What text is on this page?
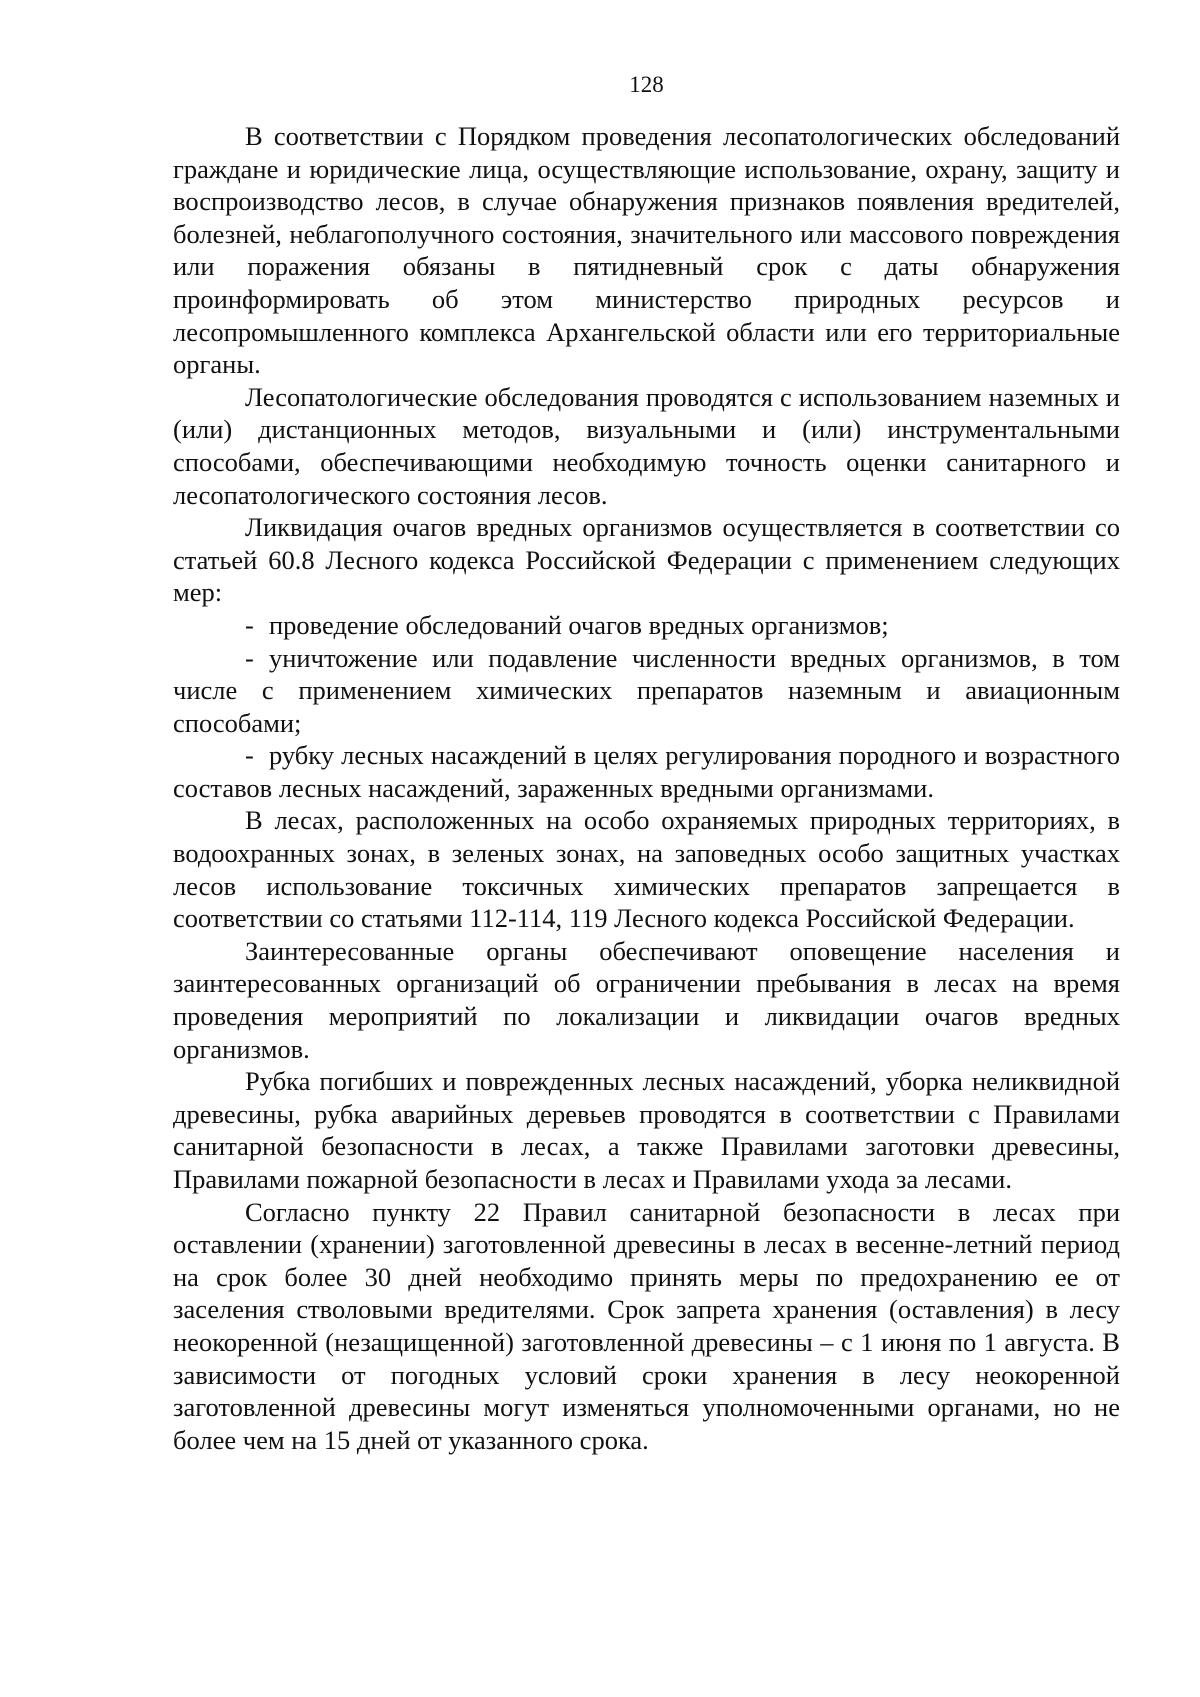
128

В соответствии с Порядком проведения лесопатологических обследований граждане и юридические лица, осуществляющие использование, охрану, защиту и воспроизводство лесов, в случае обнаружения признаков появления вредителей, болезней, неблагополучного состояния, значительного или массового повреждения или поражения обязаны в пятидневный срок с даты обнаружения проинформировать об этом министерство природных ресурсов и лесопромышленного комплекса Архангельской области или его территориальные органы.

Лесопатологические обследования проводятся с использованием наземных и (или) дистанционных методов, визуальными и (или) инструментальными способами, обеспечивающими необходимую точность оценки санитарного и лесопатологического состояния лесов.

Ликвидация очагов вредных организмов осуществляется в соответствии со статьей 60.8 Лесного кодекса Российской Федерации с применением следующих мер:

- проведение обследований очагов вредных организмов;

- уничтожение или подавление численности вредных организмов, в том числе с применением химических препаратов наземным и авиационным способами;

- рубку лесных насаждений в целях регулирования породного и возрастного составов лесных насаждений, зараженных вредными организмами.

В лесах, расположенных на особо охраняемых природных территориях, в водоохранных зонах, в зеленых зонах, на заповедных особо защитных участках лесов использование токсичных химических препаратов запрещается в соответствии со статьями 112-114, 119 Лесного кодекса Российской Федерации.

Заинтересованные органы обеспечивают оповещение населения и заинтересованных организаций об ограничении пребывания в лесах на время проведения мероприятий по локализации и ликвидации очагов вредных организмов.

Рубка погибших и поврежденных лесных насаждений, уборка неликвидной древесины, рубка аварийных деревьев проводятся в соответствии с Правилами санитарной безопасности в лесах, а также Правилами заготовки древесины, Правилами пожарной безопасности в лесах и Правилами ухода за лесами.

Согласно пункту 22 Правил санитарной безопасности в лесах при оставлении (хранении) заготовленной древесины в лесах в весенне-летний период на срок более 30 дней необходимо принять меры по предохранению ее от заселения стволовыми вредителями. Срок запрета хранения (оставления) в лесу неокоренной (незащищенной) заготовленной древесины – с 1 июня по 1 августа. В зависимости от погодных условий сроки хранения в лесу неокоренной заготовленной древесины могут изменяться уполномоченными органами, но не более чем на 15 дней от указанного срока.
